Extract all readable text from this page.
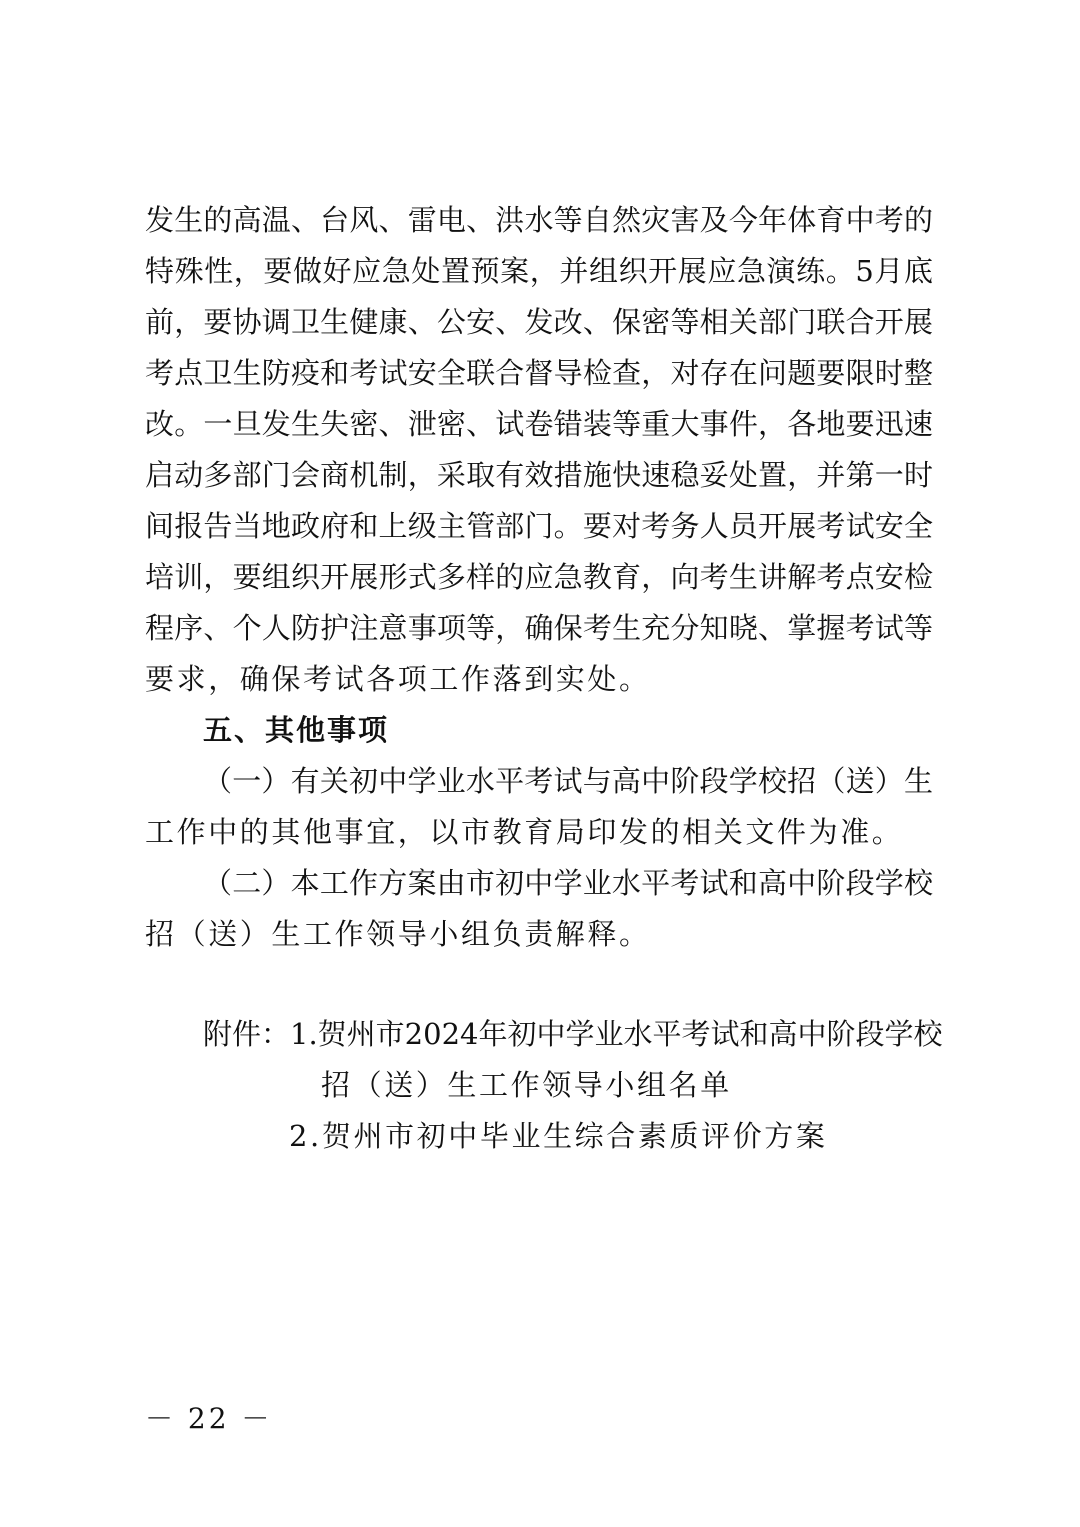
发生的高温、台风、雷电、洪水等自然灾害及今年体育中考的
特殊性，要做好应急处置预案，并组织开展应急演练。5月底
前，要协调卫生健康、公安、发改、保密等相关部门联合开展
考点卫生防疫和考试安全联合督导检查，对存在问题要限时整
改。一旦发生失密、泄密、试卷错装等重大事件，各地要迅速
启动多部门会商机制，采取有效措施快速稳妥处置，并第一时
间报告当地政府和上级主管部门。要对考务人员开展考试安全
培训，要组织开展形式多样的应急教育，向考生讲解考点安检
程序、个人防护注意事项等，确保考生充分知晓、掌握考试等
要求，确保考试各项工作落到实处。
五、其他事项
（一）有关初中学业水平考试与高中阶段学校招（送）生
工作中的其他事宜，以市教育局印发的相关文件为准。
（二）本工作方案由市初中学业水平考试和高中阶段学校
招（送）生工作领导小组负责解释。
附件：1.贺州市2024年初中学业水平考试和高中阶段学校
招（送）生工作领导小组名单
2.贺州市初中毕业生综合素质评价方案
－ 22 －
